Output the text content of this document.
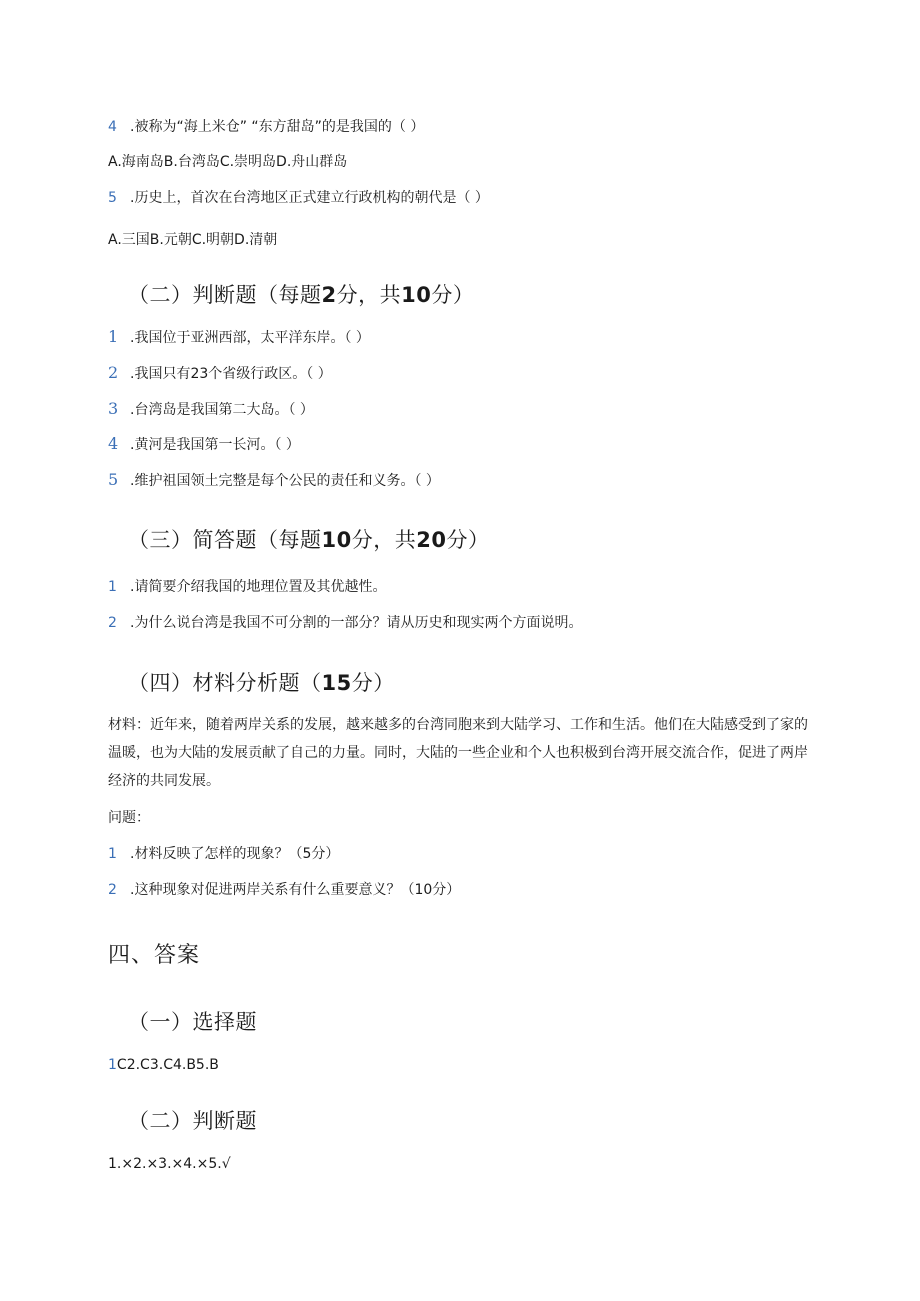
4 .被称为“海上米仓” “东方甜岛”的是我国的（ ）
A.海南岛B.台湾岛C.崇明岛D.舟山群岛
5 .历史上，首次在台湾地区正式建立行政机构的朝代是（ ）
A.三国B.元朝C.明朝D.清朝
（二）判断题（每题2分，共10分）
1 .我国位于亚洲西部，太平洋东岸。（ ）
2 .我国只有23个省级行政区。（ ）
3 .台湾岛是我国第二大岛。（ ）
4 .黄河是我国第一长河。（ ）
5 .维护祖国领土完整是每个公民的责任和义务。（ ）
（三）简答题（每题10分，共20分）
1 .请简要介绍我国的地理位置及其优越性。
2 .为什么说台湾是我国不可分割的一部分？请从历史和现实两个方面说明。
（四）材料分析题（15分）
材料：近年来，随着两岸关系的发展，越来越多的台湾同胞来到大陆学习、工作和生活。他们在大陆感受到了家的温暖，也为大陆的发展贡献了自己的力量。同时，大陆的一些企业和个人也积极到台湾开展交流合作，促进了两岸经济的共同发展。
问题：
1 .材料反映了怎样的现象？（5分）
2 .这种现象对促进两岸关系有什么重要意义？（10分）
四、答案
（一）选择题
1C2.C3.C4.B5.B
（二）判断题
1.×2.×3.×4.×5.√
